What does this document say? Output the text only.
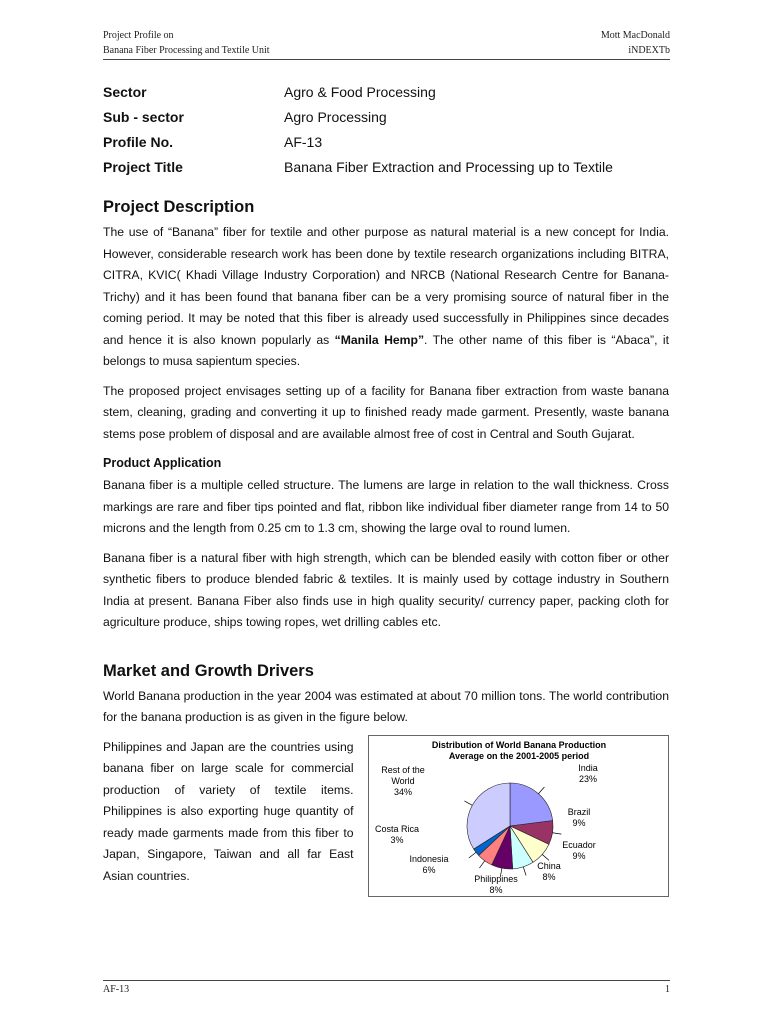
Project Profile on
Banana Fiber Processing and Textile Unit
Mott MacDonald
iNDEXTb
Sector	Agro & Food Processing
Sub - sector	Agro Processing
Profile No.	AF-13
Project Title	Banana Fiber Extraction and Processing up to Textile
Project Description

The use of “Banana” fiber for textile and other purpose as natural material is a new concept for India. However, considerable research work has been done by textile research organizations including BITRA, CITRA, KVIC( Khadi Village Industry Corporation) and NRCB (National Research Centre for Banana-Trichy) and it has been found that banana fiber can be a very promising source of natural fiber in the coming period. It may be noted that this fiber is already used successfully in Philippines since decades and hence it is also known popularly as “Manila Hemp”. The other name of this fiber is “Abaca”, it belongs to musa sapientum species.

The proposed project envisages setting up of a facility for Banana fiber extraction from waste banana stem, cleaning, grading and converting it up to finished ready made garment. Presently, waste banana stems pose problem of disposal and are available almost free of cost in Central and South Gujarat.

Product Application

Banana fiber is a multiple celled structure. The lumens are large in relation to the wall thickness. Cross markings are rare and fiber tips pointed and flat, ribbon like individual fiber diameter range from 14 to 50 microns and the length from 0.25 cm to 1.3 cm, showing the large oval to round lumen.

Banana fiber is a natural fiber with high strength, which can be blended easily with cotton fiber or other synthetic fibers to produce blended fabric & textiles. It is mainly used by cottage industry in Southern India at present. Banana Fiber also finds use in high quality security/ currency paper, packing cloth for agriculture produce, ships towing ropes, wet drilling cables etc.

Market and Growth Drivers

World Banana production in the year 2004 was estimated at about 70 million tons. The world contribution for the banana production is as given in the figure below.

Philippines and Japan are the countries using banana fiber on large scale for commercial production of variety of textile items. Philippines is also exporting huge quantity of ready made garments made from this fiber to Japan, Singapore, Taiwan and all far East Asian countries.
Distribution of World Banana Production
Average on the 2001-2005 period
India
23%
Brazil
9%
Ecuador
9%
China
8%
Philippines
8%
Indonesia
6%
Costa Rica
3%
Rest of the
World
34%
AF-13	1
